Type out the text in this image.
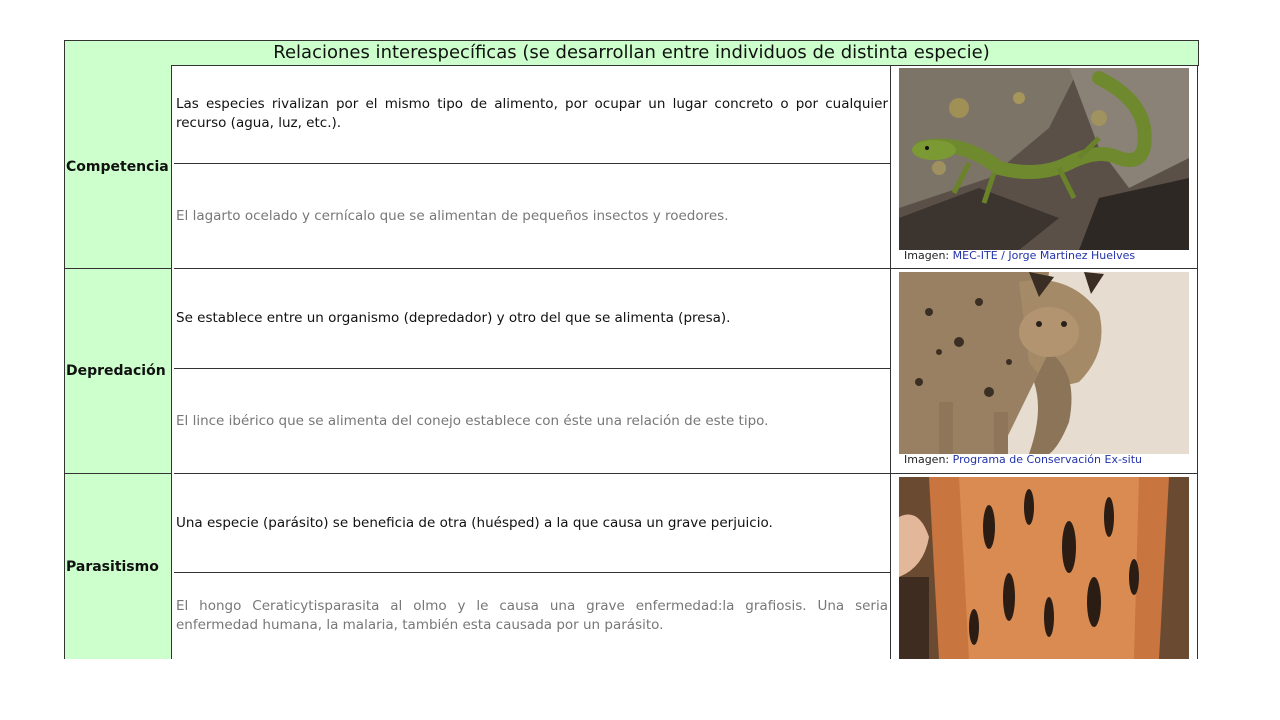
Relaciones interespecíficas (se desarrollan entre individuos de distinta especie)
Competencia
Las especies rivalizan por el mismo tipo de alimento, por ocupar un lugar concreto o por cualquier recurso (agua, luz, etc.).
El lagarto ocelado y cernícalo que se alimentan de pequeños insectos y roedores.
Imagen: MEC-ITE / Jorge Martinez Huelves
Depredación
Se establece entre un organismo (depredador) y otro del que se alimenta (presa).
El lince ibérico que se alimenta del conejo establece con éste una relación de este tipo.
Imagen: Programa de Conservación Ex-situ
Parasitismo
Una especie (parásito) se beneficia de otra (huésped) a la que causa un grave perjuicio.
El hongo Ceraticytisparasita al olmo y le causa una grave enfermedad:la grafiosis. Una seria enfermedad humana, la malaria, también esta causada por un parásito.
